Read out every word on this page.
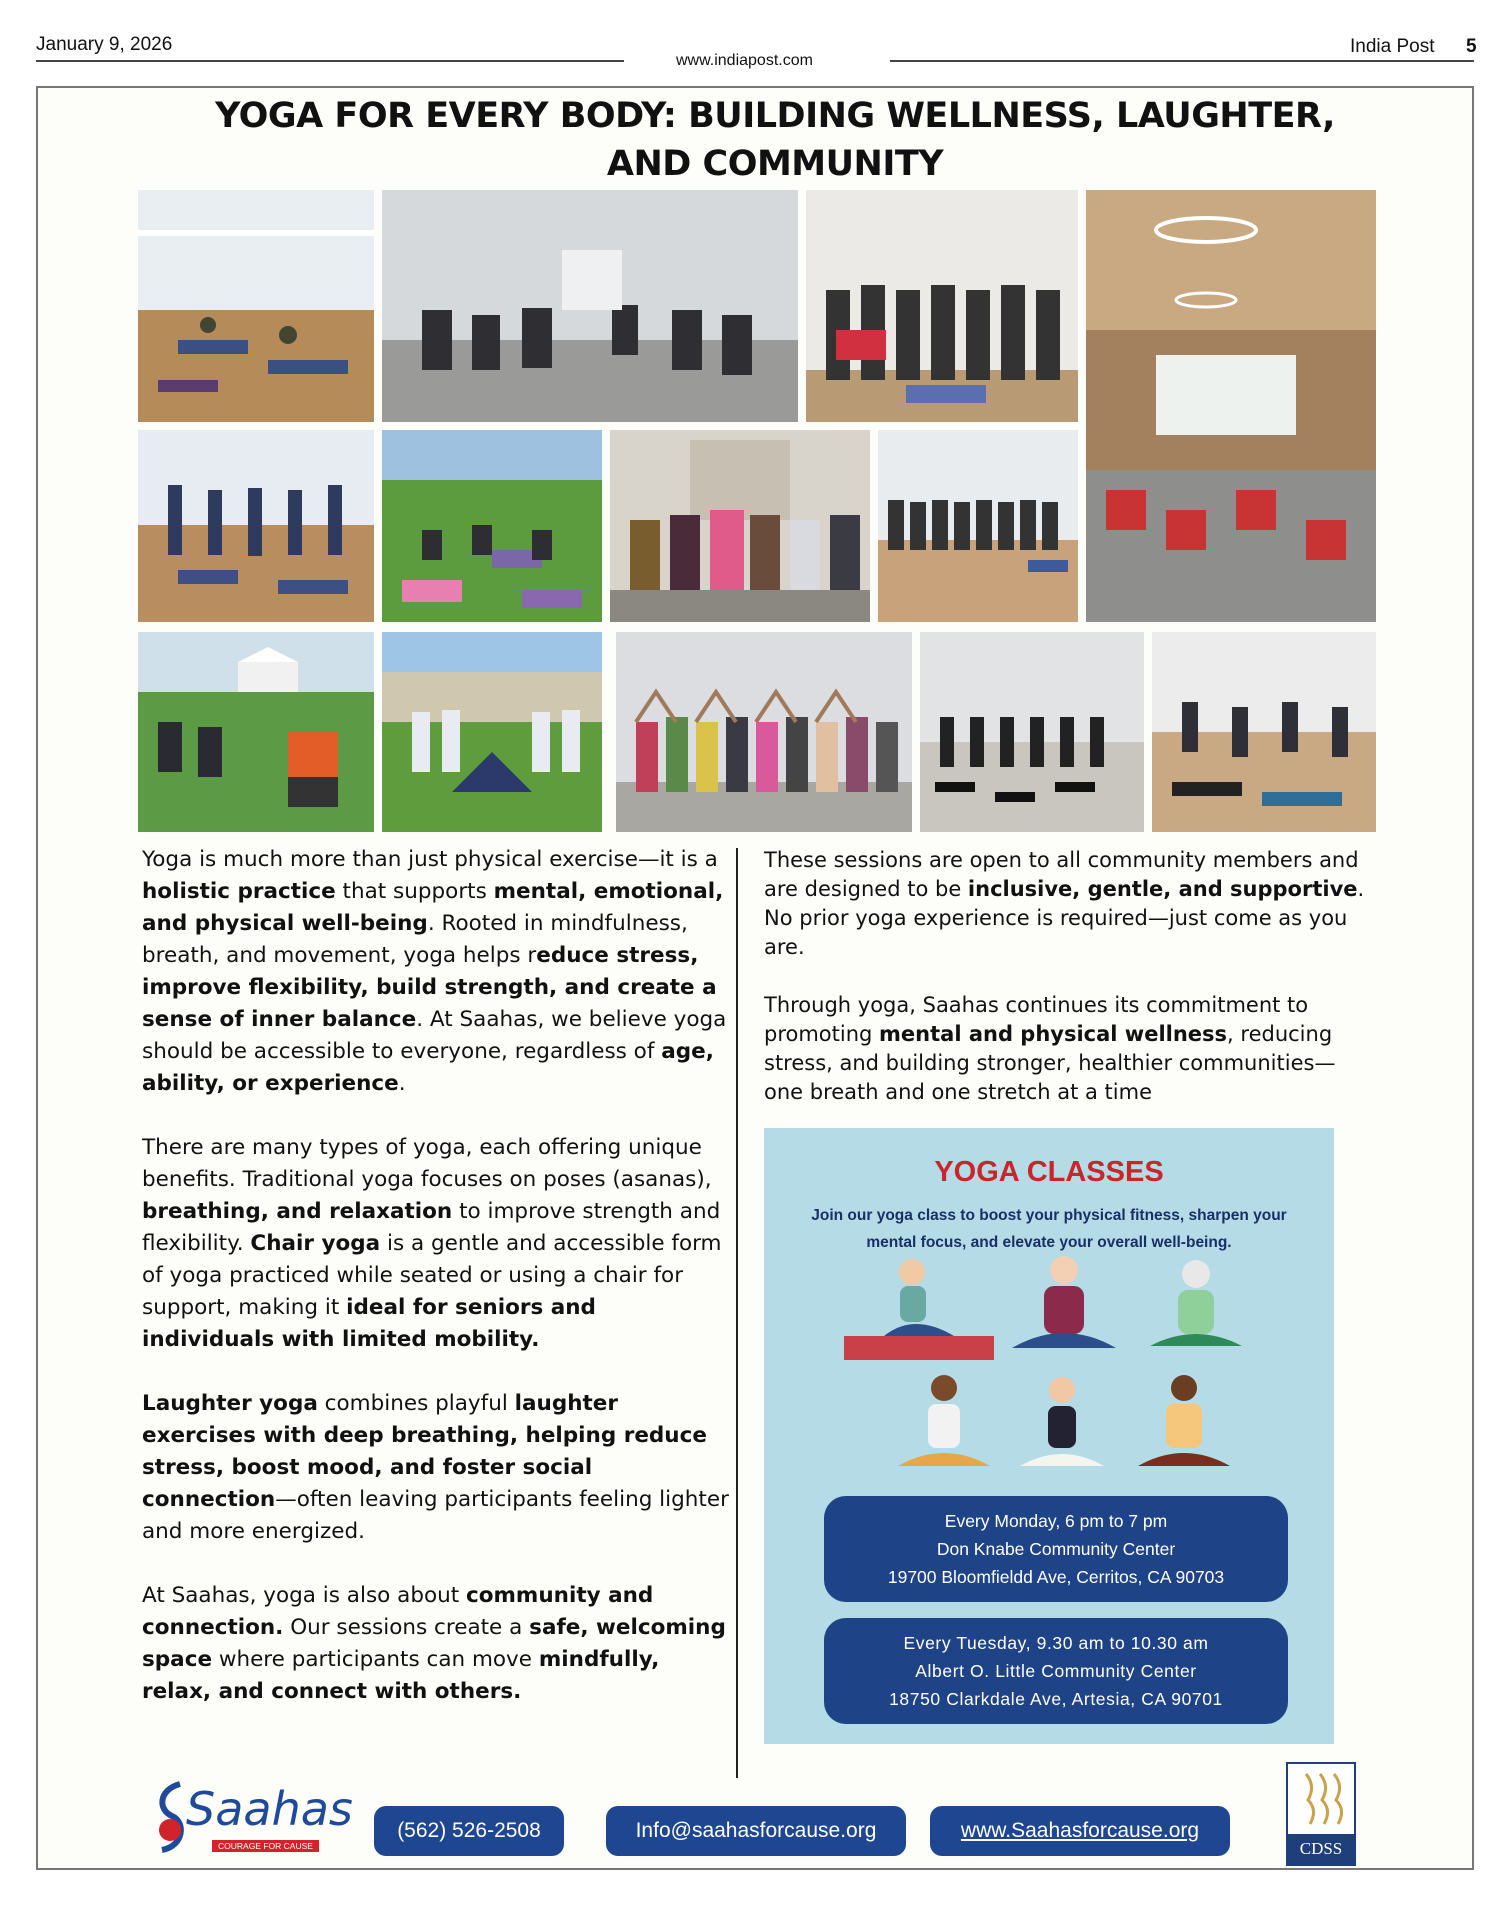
January 9, 2026
www.indiapost.com
India Post 5
YOGA FOR EVERY BODY: BUILDING WELLNESS, LAUGHTER,
AND COMMUNITY

Yoga is much more than just physical exercise—it is a holistic practice that supports mental, emotional, and physical well-being. Rooted in mindfulness, breath, and movement, yoga helps reduce stress, improve flexibility, build strength, and create a sense of inner balance. At Saahas, we believe yoga should be accessible to everyone, regardless of age, ability, or experience.

There are many types of yoga, each offering unique benefits. Traditional yoga focuses on poses (asanas), breathing, and relaxation to improve strength and flexibility. Chair yoga is a gentle and accessible form of yoga practiced while seated or using a chair for support, making it ideal for seniors and individuals with limited mobility.

Laughter yoga combines playful laughter exercises with deep breathing, helping reduce stress, boost mood, and foster social connection—often leaving participants feeling lighter and more energized.

At Saahas, yoga is also about community and connection. Our sessions create a safe, welcoming space where participants can move mindfully, relax, and connect with others.

These sessions are open to all community members and are designed to be inclusive, gentle, and supportive. No prior yoga experience is required—just come as you are.

Through yoga, Saahas continues its commitment to promoting mental and physical wellness, reducing stress, and building stronger, healthier communities—one breath and one stretch at a time

YOGA CLASSES
Join our yoga class to boost your physical fitness, sharpen your mental focus, and elevate your overall well-being.
Every Monday, 6 pm to 7 pm
Don Knabe Community Center
19700 Bloomfieldd Ave, Cerritos, CA 90703
Every Tuesday, 9.30 am to 10.30 am
Albert O. Little Community Center
18750 Clarkdale Ave, Artesia, CA 90701
Saahas
COURAGE FOR CAUSE
(562) 526-2508	Info@saahasforcause.org	www.Saahasforcause.org
CDSS
